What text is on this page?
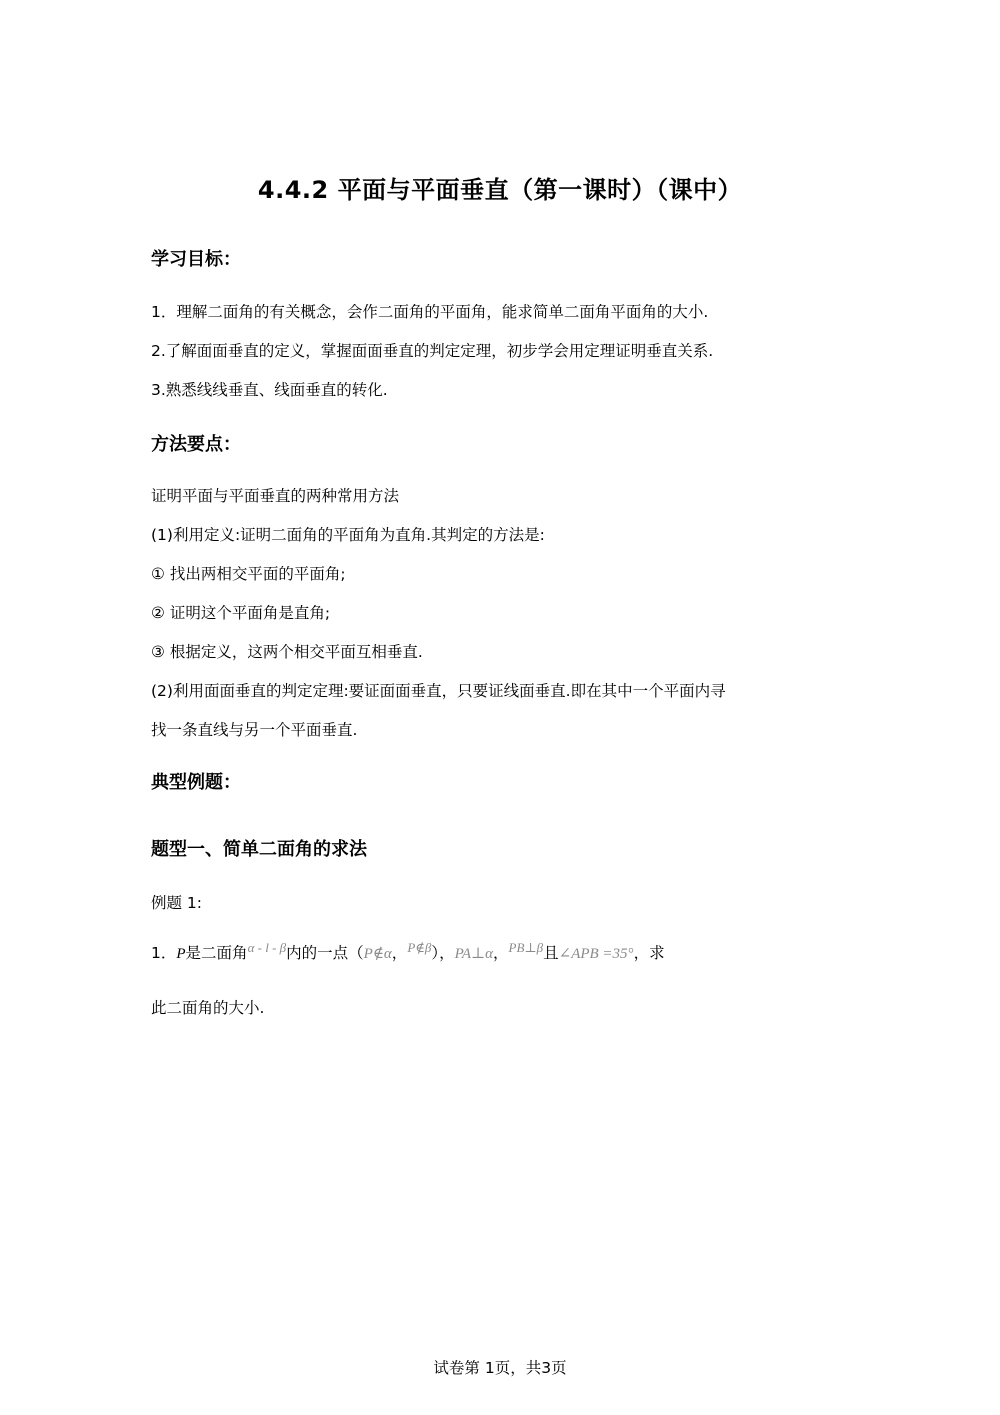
4.4.2 平面与平面垂直（第一课时）（课中）
学习目标：
1．理解二面角的有关概念，会作二面角的平面角，能求简单二面角平面角的大小.
2.了解面面垂直的定义，掌握面面垂直的判定定理，初步学会用定理证明垂直关系.
3.熟悉线线垂直、线面垂直的转化.
方法要点：
证明平面与平面垂直的两种常用方法
(1)利用定义:证明二面角的平面角为直角.其判定的方法是:
① 找出两相交平面的平面角;
② 证明这个平面角是直角;
③ 根据定义，这两个相交平面互相垂直.
(2)利用面面垂直的判定定理:要证面面垂直，只要证线面垂直.即在其中一个平面内寻
找一条直线与另一个平面垂直.
典型例题：
题型一、简单二面角的求法
例题 1:
1．P是二面角$^{\alpha - l - \beta}$内的一点（P∉α，$^{P\notin\beta}$），PA⊥α，$^{PB\perp\beta}$且∠APB =35°，求
此二面角的大小.
试卷第 1页，共3页
